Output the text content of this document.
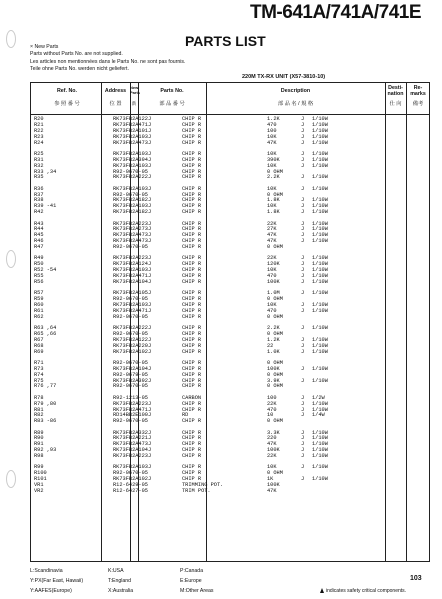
TM-641A/741A/741E
PARTS LIST
× New Parts
Parts without Parts No. are not supplied.
Les articles non mentionnées dans le Parts No. ne sont pas fournis.
Teile ohne Parts No. werden nicht geliefert.
220M TX-RX UNIT (X57-3810-10)
Ref. No.
参 照 番 号
Address
位 置
New Parts
新
Parts No.
部 品 番 号
Description
部 品 名 / 規 格
Desti- nation
仕 向
Re- marks
備考
R20	RK73FB2A122J	CHIP R	1.2K	J 1/10W
R21	RK73FB2A471J	CHIP R	470	J 1/10W
R22	RK73FB2A101J	CHIP R	100	J 1/10W
R23	RK73FB2A103J	CHIP R	10K	J 1/10W
R24	RK73FB2A473J	CHIP R	47K	J 1/10W
R25	RK73FB2A103J	CHIP R	10K	J 1/10W
R31	RK73FB2A394J	CHIP R	390K	J 1/10W
R32	RK73FB2A103J	CHIP R	10K	J 1/10W
R33 ,34	R92-0670-05	CHIP R	0 OHM
R35	RK73FB2A222J	CHIP R	2.2K	J 1/10W
R36	RK73FB2A103J	CHIP R	10K	J 1/10W
R37	R92-0670-05	CHIP R	0 OHM
R38	RK73FB2A182J	CHIP R	1.8K	J 1/10W
R39 -41	RK73FB2A103J	CHIP R	10K	J 1/10W
R42	RK73FB2A182J	CHIP R	1.8K	J 1/10W
R43	RK73FB2A223J	CHIP R	22K	J 1/10W
R44	RK73FB2A273J	CHIP R	27K	J 1/10W
R45	RK73FB2A473J	CHIP R	47K	J 1/10W
R46	RK73FB2A473J	CHIP R	47K	J 1/10W
R47	R92-0670-05	CHIP R	0 OHM
R49	RK73FB2A223J	CHIP R	22K	J 1/10W
R50	RK73FB2A124J	CHIP R	120K	J 1/10W
R52 -54	RK73FB2A103J	CHIP R	10K	J 1/10W
R55	RK73FB2A471J	CHIP R	470	J 1/10W
R56	RK73FB2A104J	CHIP R	100K	J 1/10W
R57	RK73FB2A105J	CHIP R	1.0M	J 1/10W
R59	R92-0670-05	CHIP R	0 OHM
R60	RK73FB2A103J	CHIP R	10K	J 1/10W
R61	RK73FB2A471J	CHIP R	470	J 1/10W
R62	R92-0670-05	CHIP R	0 OHM
R63 ,64	RK73FB2A222J	CHIP R	2.2K	J 1/10W
R65 ,66	R92-0670-05	CHIP R	0 OHM
R67	RK73FB2A122J	CHIP R	1.2K	J 1/10W
R68	RK73FB2A220J	CHIP R	22	J 1/10W
R69	RK73FB2A102J	CHIP R	1.0K	J 1/10W
R71	R92-0670-05	CHIP R	0 OHM
R73	RK73FB2A104J	CHIP R	100K	J 1/10W
R74	R92-0679-05	CHIP R	0 OHM
R75	RK73FB2A392J	CHIP R	3.9K	J 1/10W
R76 ,77	R92-0670-05	CHIP R	0 OHM
R78	R92-1213-05	CARBON	100	J 1/2W
R79 ,80	RK73FB2A223J	CHIP R	22K	J 1/10W
R81	RK73FB2A471J	CHIP R	470	J 1/10W
R82	RD14BB2E100J	RD	10	J 1/4W
R83 -86	R92-0670-05	CHIP R	0 OHM
R89	RK73FB2A332J	CHIP R	3.3K	J 1/10W
R90	RK73FB2A221J	CHIP R	220	J 1/10W
R91	RK73FB2A473J	CHIP R	47K	J 1/10W
R92 ,93	RK73FB2A104J	CHIP R	100K	J 1/10W
R98	RK73FB2A223J	CHIP R	22K	J 1/10W
R99	RK73FB2A103J	CHIP R	10K	J 1/10W
R100	R92-0670-05	CHIP R	0 OHM
R101	RK73FB2A102J	CHIP R	1K	J 1/10W
VR1	R12-6429-05	TRIMMING POT.	100K
VR2	R12-6427-05	TRIM POT.	47K
L:Scandinavia	K:USA	P:Canada
Y:PX(Far East, Hawaii)	T:England	E:Europe
Y:AAFES(Europe)	X:Australia	M:Other Areas
103
indicates safety critical components.
